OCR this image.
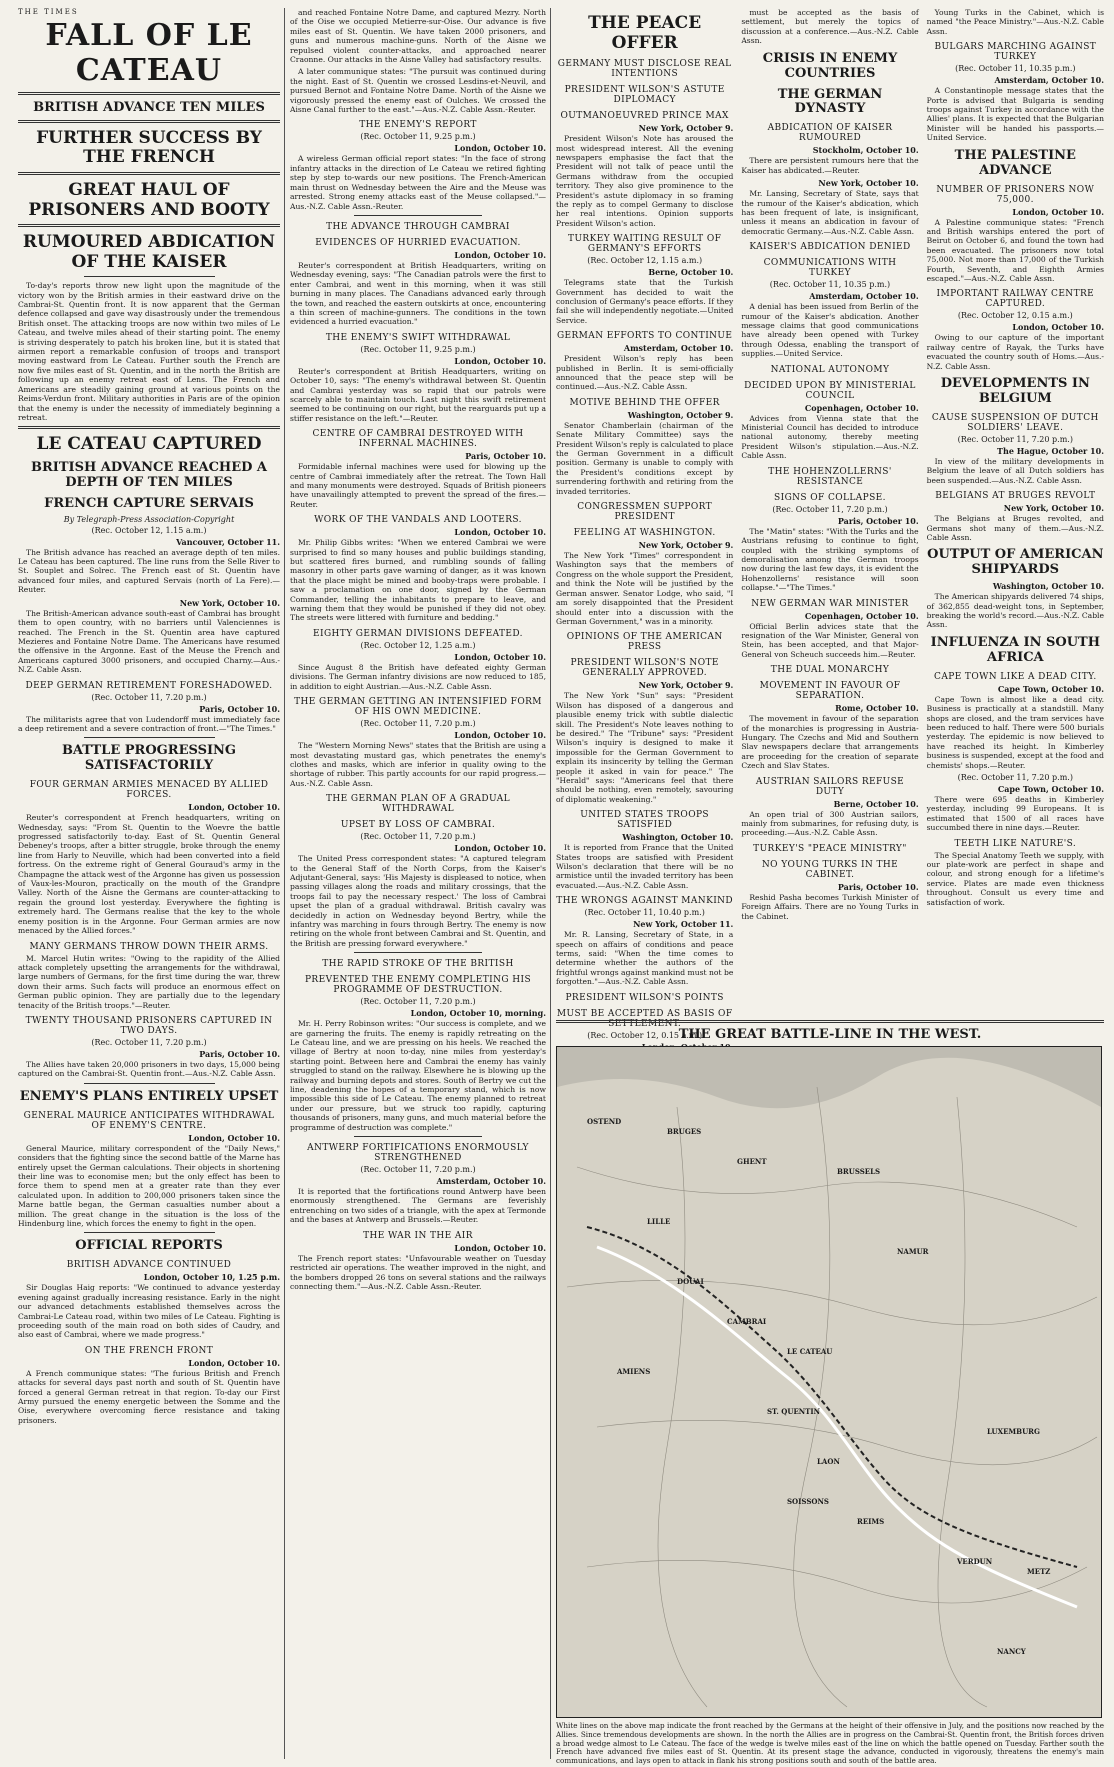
THE TIMES
FALL OF LE CATEAU
BRITISH ADVANCE TEN MILES
FURTHER SUCCESS BY THE FRENCH
GREAT HAUL OF PRISONERS AND BOOTY
RUMOURED ABDICATION OF THE KAISER

To-day's reports throw new light upon the magnitude of the victory won by the British armies in their eastward drive on the Cambrai-St. Quentin front. It is now apparent that the German defence collapsed and gave way disastrously under the tremendous British onset. The attacking troops are now within two miles of Le Cateau, and twelve miles ahead of their starting point. The enemy is striving desperately to patch his broken line, but it is stated that airmen report a remarkable confusion of troops and transport moving eastward from Le Cateau. Further south the French are now five miles east of St. Quentin, and in the north the British are following up an enemy retreat east of Lens. The French and Americans are steadily gaining ground at various points on the Reims-Verdun front. Military authorities in Paris are of the opinion that the enemy is under the necessity of immediately beginning a retreat.

LE CATEAU CAPTURED
BRITISH ADVANCE REACHED A DEPTH OF TEN MILES
FRENCH CAPTURE SERVAIS
By Telegraph-Press Association-Copyright
(Rec. October 12, 1.15 a.m.)
Vancouver, October 11.

The British advance has reached an average depth of ten miles. Le Cateau has been captured. The line runs from the Selle River to St. Souplet and Solrec. The French east of St. Quentin have advanced four miles, and captured Servais (north of La Fere).—Reuter.

New York, October 10.

The British-American advance south-east of Cambrai has brought them to open country, with no barriers until Valenciennes is reached. The French in the St. Quentin area have captured Mezieres and Fontaine Notre Dame. The Americans have resumed the offensive in the Argonne. East of the Meuse the French and Americans captured 3000 prisoners, and occupied Charny.—Aus.-N.Z. Cable Assn.

DEEP GERMAN RETIREMENT FORESHADOWED.
(Rec. October 11, 7.20 p.m.)
Paris, October 10.

The militarists agree that von Ludendorff must immediately face a deep retirement and a severe contraction of front.—"The Times."

BATTLE PROGRESSING SATISFACTORILY
FOUR GERMAN ARMIES MENACED BY ALLIED FORCES.
London, October 10.

Reuter's correspondent at French headquarters, writing on Wednesday, says: "From St. Quentin to the Woevre the battle progressed satisfactorily to-day. East of St. Quentin General Debeney's troops, after a bitter struggle, broke through the enemy line from Harly to Neuville, which had been converted into a field fortress. On the extreme right of General Gouraud's army in the Champagne the attack west of the Argonne has given us possession of Vaux-les-Mouron, practically on the mouth of the Grandpre Valley. North of the Aisne the Germans are counter-attacking to regain the ground lost yesterday. Everywhere the fighting is extremely hard. The Germans realise that the key to the whole enemy position is in the Argonne. Four German armies are now menaced by the Allied forces."

MANY GERMANS THROW DOWN THEIR ARMS.

M. Marcel Hutin writes: "Owing to the rapidity of the Allied attack completely upsetting the arrangements for the withdrawal, large numbers of Germans, for the first time during the war, threw down their arms. Such facts will produce an enormous effect on German public opinion. They are partially due to the legendary tenacity of the British troops."—Reuter.

TWENTY THOUSAND PRISONERS CAPTURED IN TWO DAYS.
(Rec. October 11, 7.20 p.m.)
Paris, October 10.

The Allies have taken 20,000 prisoners in two days, 15,000 being captured on the Cambrai-St. Quentin front.—Aus.-N.Z. Cable Assn.

ENEMY'S PLANS ENTIRELY UPSET
GENERAL MAURICE ANTICIPATES WITHDRAWAL OF ENEMY'S CENTRE.
London, October 10.

General Maurice, military correspondent of the "Daily News," considers that the fighting since the second battle of the Marne has entirely upset the German calculations. Their objects in shortening their line was to economise men; but the only effect has been to force them to spend men at a greater rate than they ever calculated upon. In addition to 200,000 prisoners taken since the Marne battle began, the German casualties number about a million. The great change in the situation is the loss of the Hindenburg line, which forces the enemy to fight in the open.

OFFICIAL REPORTS
BRITISH ADVANCE CONTINUED
London, October 10, 1.25 p.m.

Sir Douglas Haig reports: "We continued to advance yesterday evening against gradually increasing resistance. Early in the night our advanced detachments established themselves across the Cambrai-Le Cateau road, within two miles of Le Cateau. Fighting is proceeding south of the main road on both sides of Caudry, and also east of Cambrai, where we made progress."

ON THE FRENCH FRONT
London, October 10.

A French communique states: "The furious British and French attacks for several days past north and south of St. Quentin have forced a general German retreat in that region. To-day our First Army pursued the enemy energetic between the Somme and the Oise, everywhere overcoming fierce resistance and taking prisoners.

and reached Fontaine Notre Dame, and captured Mezry. North of the Oise we occupied Metierre-sur-Oise. Our advance is five miles east of St. Quentin. We have taken 2000 prisoners, and guns and numerous machine-guns. North of the Aisne we repulsed violent counter-attacks, and approached nearer Craonne. Our attacks in the Aisne Valley had satisfactory results.

A later communique states: "The pursuit was continued during the night. East of St. Quentin we crossed Lesdins-et-Neuvil, and pursued Bernot and Fontaine Notre Dame. North of the Aisne we vigorously pressed the enemy east of Oulches. We crossed the Aisne Canal further to the east."—Aus.-N.Z. Cable Assn.-Reuter.

THE ENEMY'S REPORT
(Rec. October 11, 9.25 p.m.)
London, October 10.

A wireless German official report states: "In the face of strong infantry attacks in the direction of Le Cateau we retired fighting step by step to-wards our new positions. The French-American main thrust on Wednesday between the Aire and the Meuse was arrested. Strong enemy attacks east of the Meuse collapsed."—Aus.-N.Z. Cable Assn.-Reuter.

THE ADVANCE THROUGH CAMBRAI
EVIDENCES OF HURRIED EVACUATION.
London, October 10.

Reuter's correspondent at British Headquarters, writing on Wednesday evening, says: "The Canadian patrols were the first to enter Cambrai, and went in this morning, when it was still burning in many places. The Canadians advanced early through the town, and reached the eastern outskirts at once, encountering a thin screen of machine-gunners. The conditions in the town evidenced a hurried evacuation."

THE ENEMY'S SWIFT WITHDRAWAL
(Rec. October 11, 9.25 p.m.)
London, October 10.

Reuter's correspondent at British Headquarters, writing on October 10, says: "The enemy's withdrawal between St. Quentin and Cambrai yesterday was so rapid that our patrols were scarcely able to maintain touch. Last night this swift retirement seemed to be continuing on our right, but the rearguards put up a stiffer resistance on the left."—Reuter.

CENTRE OF CAMBRAI DESTROYED WITH INFERNAL MACHINES.
Paris, October 10.

Formidable infernal machines were used for blowing up the centre of Cambrai immediately after the retreat. The Town Hall and many monuments were destroyed. Squads of British pioneers have unavailingly attempted to prevent the spread of the fires.—Reuter.

WORK OF THE VANDALS AND LOOTERS.
London, October 10.

Mr. Philip Gibbs writes: "When we entered Cambrai we were surprised to find so many houses and public buildings standing, but scattered fires burned, and rumbling sounds of falling masonry in other parts gave warning of danger, as it was known that the place might be mined and booby-traps were probable. I saw a proclamation on one door, signed by the German Commander, telling the inhabitants to prepare to leave, and warning them that they would be punished if they did not obey. The streets were littered with furniture and bedding."

EIGHTY GERMAN DIVISIONS DEFEATED.
(Rec. October 12, 1.25 a.m.)
London, October 10.

Since August 8 the British have defeated eighty German divisions. The German infantry divisions are now reduced to 185, in addition to eight Austrian.—Aus.-N.Z. Cable Assn.

THE GERMAN GETTING AN INTENSIFIED FORM OF HIS OWN MEDICINE.
(Rec. October 11, 7.20 p.m.)
London, October 10.

The "Western Morning News" states that the British are using a most devastating mustard gas, which penetrates the enemy's clothes and masks, which are inferior in quality owing to the shortage of rubber. This partly accounts for our rapid progress.—Aus.-N.Z. Cable Assn.

THE GERMAN PLAN OF A GRADUAL WITHDRAWAL
UPSET BY LOSS OF CAMBRAI.
(Rec. October 11, 7.20 p.m.)
London, October 10.

The United Press correspondent states: "A captured telegram to the General Staff of the North Corps, from the Kaiser's Adjutant-General, says: 'His Majesty is displeased to notice, when passing villages along the roads and military crossings, that the troops fail to pay the necessary respect.' The loss of Cambrai upset the plan of a gradual withdrawal. British cavalry was decidedly in action on Wednesday beyond Bertry, while the infantry was marching in fours through Bertry. The enemy is now retiring on the whole front between Cambrai and St. Quentin, and the British are pressing forward everywhere."

THE RAPID STROKE OF THE BRITISH
PREVENTED THE ENEMY COMPLETING HIS PROGRAMME OF DESTRUCTION.
(Rec. October 11, 7.20 p.m.)
London, October 10, morning.

Mr. H. Perry Robinson writes: "Our success is complete, and we are garnering the fruits. The enemy is rapidly retreating on the Le Cateau line, and we are pressing on his heels. We reached the village of Bertry at noon to-day, nine miles from yesterday's starting point. Between here and Cambrai the enemy has vainly struggled to stand on the railway. Elsewhere he is blowing up the railway and burning depots and stores. South of Bertry we cut the line, deadening the hopes of a temporary stand, which is now impossible this side of Le Cateau. The enemy planned to retreat under our pressure, but we struck too rapidly, capturing thousands of prisoners, many guns, and much material before the programme of destruction was complete."

ANTWERP FORTIFICATIONS ENORMOUSLY STRENGTHENED
(Rec. October 11, 7.20 p.m.)
Amsterdam, October 10.

It is reported that the fortifications round Antwerp have been enormously strengthened. The Germans are feverishly entrenching on two sides of a triangle, with the apex at Termonde and the bases at Antwerp and Brussels.—Reuter.

THE WAR IN THE AIR
London, October 10.

The French report states: "Unfavourable weather on Tuesday restricted air operations. The weather improved in the night, and the bombers dropped 26 tons on several stations and the railways connecting them."—Aus.-N.Z. Cable Assn.-Reuter.

THE PEACE OFFER
GERMANY MUST DISCLOSE REAL INTENTIONS
PRESIDENT WILSON'S ASTUTE DIPLOMACY
OUTMANOEUVRED PRINCE MAX
New York, October 9.

President Wilson's Note has aroused the most widespread interest. All the evening newspapers emphasise the fact that the President will not talk of peace until the Germans withdraw from the occupied territory. They also give prominence to the President's astute diplomacy in so framing the reply as to compel Germany to disclose her real intentions. Opinion supports President Wilson's action.

TURKEY WAITING RESULT OF GERMANY'S EFFORTS
(Rec. October 12, 1.15 a.m.)
Berne, October 10.

Telegrams state that the Turkish Government has decided to wait the conclusion of Germany's peace efforts. If they fail she will independently negotiate.—United Service.

GERMAN EFFORTS TO CONTINUE
Amsterdam, October 10.

President Wilson's reply has been published in Berlin. It is semi-officially announced that the peace step will be continued.—Aus.-N.Z. Cable Assn.

MOTIVE BEHIND THE OFFER
Washington, October 9.

Senator Chamberlain (chairman of the Senate Military Committee) says the President Wilson's reply is calculated to place the German Government in a difficult position. Germany is unable to comply with the President's conditions except by surrendering forthwith and retiring from the invaded territories.

CONGRESSMEN SUPPORT PRESIDENT
FEELING AT WASHINGTON.
New York, October 9.

The New York "Times" correspondent in Washington says that the members of Congress on the whole support the President, and think the Note will be justified by the German answer. Senator Lodge, who said, "I am sorely disappointed that the President should enter into a discussion with the German Government," was in a minority.

OPINIONS OF THE AMERICAN PRESS
PRESIDENT WILSON'S NOTE GENERALLY APPROVED.
New York, October 9.

The New York "Sun" says: "President Wilson has disposed of a dangerous and plausible enemy trick with subtle dialectic skill. The President's Note leaves nothing to be desired." The "Tribune" says: "President Wilson's inquiry is designed to make it impossible for the German Government to explain its insincerity by telling the German people it asked in vain for peace." The "Herald" says: "Americans feel that there should be nothing, even remotely, savouring of diplomatic weakening."

UNITED STATES TROOPS SATISFIED
Washington, October 10.

It is reported from France that the United States troops are satisfied with President Wilson's declaration that there will be no armistice until the invaded territory has been evacuated.—Aus.-N.Z. Cable Assn.

THE WRONGS AGAINST MANKIND
(Rec. October 11, 10.40 p.m.)
New York, October 11.

Mr. R. Lansing, Secretary of State, in a speech on affairs of conditions and peace terms, said: "When the time comes to determine whether the authors of the frightful wrongs against mankind must not be forgotten."—Aus.-N.Z. Cable Assn.

PRESIDENT WILSON'S POINTS
MUST BE ACCEPTED AS BASIS OF SETTLEMENT.
(Rec. October 12, 0.15 a.m.)

must be accepted as the basis of settlement, but merely the topics of discussion at a conference.—Aus.-N.Z. Cable Assn.

CRISIS IN ENEMY COUNTRIES
THE GERMAN DYNASTY
ABDICATION OF KAISER RUMOURED
Stockholm, October 10.

There are persistent rumours here that the Kaiser has abdicated.—Reuter.

New York, October 10.

Mr. Lansing, Secretary of State, says that the rumour of the Kaiser's abdication, which has been frequent of late, is insignificant, unless it means an abdication in favour of democratic Germany.—Aus.-N.Z. Cable Assn.

KAISER'S ABDICATION DENIED
COMMUNICATIONS WITH TURKEY
(Rec. October 11, 10.35 p.m.)
Amsterdam, October 10.

A denial has been issued from Berlin of the rumour of the Kaiser's abdication. Another message claims that good communications have already been opened with Turkey through Odessa, enabling the transport of supplies.—United Service.

NATIONAL AUTONOMY
DECIDED UPON BY MINISTERIAL COUNCIL
Copenhagen, October 10.

Advices from Vienna state that the Ministerial Council has decided to introduce national autonomy, thereby meeting President Wilson's stipulation.—Aus.-N.Z. Cable Assn.

THE HOHENZOLLERNS' RESISTANCE
SIGNS OF COLLAPSE.
(Rec. October 11, 7.20 p.m.)
Paris, October 10.

The "Matin" states: "With the Turks and the Austrians refusing to continue to fight, coupled with the striking symptoms of demoralisation among the German troops now during the last few days, it is evident the Hohenzollerns' resistance will soon collapse."—"The Times."

NEW GERMAN WAR MINISTER
Copenhagen, October 10.

Official Berlin advices state that the resignation of the War Minister, General von Stein, has been accepted, and that Major-General von Scheuch succeeds him.—Reuter.

THE DUAL MONARCHY
MOVEMENT IN FAVOUR OF SEPARATION.
Rome, October 10.

The movement in favour of the separation of the monarchies is progressing in Austria-Hungary. The Czechs and Mid and Southern Slav newspapers declare that arrangements are proceeding for the creation of separate Czech and Slav States.

AUSTRIAN SAILORS REFUSE DUTY
Berne, October 10.

An open trial of 300 Austrian sailors, mainly from submarines, for refusing duty, is proceeding.—Aus.-N.Z. Cable Assn.

TURKEY'S "PEACE MINISTRY"
NO YOUNG TURKS IN THE CABINET.
Paris, October 10.

Reshid Pasha becomes Turkish Minister of Foreign Affairs. There are no Young Turks in the Cabinet.

Young Turks in the Cabinet, which is named "the Peace Ministry."—Aus.-N.Z. Cable Assn.

BULGARS MARCHING AGAINST TURKEY
(Rec. October 11, 10.35 p.m.)
Amsterdam, October 10.

A Constantinople message states that the Porte is advised that Bulgaria is sending troops against Turkey in accordance with the Allies' plans. It is expected that the Bulgarian Minister will be handed his passports.—United Service.

THE PALESTINE ADVANCE
NUMBER OF PRISONERS NOW 75,000.
London, October 10.

A Palestine communique states: "French and British warships entered the port of Beirut on October 6, and found the town had been evacuated. The prisoners now total 75,000. Not more than 17,000 of the Turkish Fourth, Seventh, and Eighth Armies escaped."—Aus.-N.Z. Cable Assn.

IMPORTANT RAILWAY CENTRE CAPTURED.
(Rec. October 12, 0.15 a.m.)
London, October 10.

Owing to our capture of the important railway centre of Rayak, the Turks have evacuated the country south of Homs.—Aus.-N.Z. Cable Assn.

DEVELOPMENTS IN BELGIUM
CAUSE SUSPENSION OF DUTCH SOLDIERS' LEAVE.
(Rec. October 11, 7.20 p.m.)
The Hague, October 10.

In view of the military developments in Belgium the leave of all Dutch soldiers has been suspended.—Aus.-N.Z. Cable Assn.

BELGIANS AT BRUGES REVOLT
New York, October 10.

The Belgians at Bruges revolted, and Germans shot many of them.—Aus.-N.Z. Cable Assn.

OUTPUT OF AMERICAN SHIPYARDS
Washington, October 10.

The American shipyards delivered 74 ships, of 362,855 dead-weight tons, in September, breaking the world's record.—Aus.-N.Z. Cable Assn.

INFLUENZA IN SOUTH AFRICA
CAPE TOWN LIKE A DEAD CITY.
Cape Town, October 10.

Cape Town is almost like a dead city. Business is practically at a standstill. Many shops are closed, and the tram services have been reduced to half. There were 500 burials yesterday. The epidemic is now believed to have reached its height. In Kimberley business is suspended, except at the food and chemists' shops.—Reuter.

(Rec. October 11, 7.20 p.m.)
Cape Town, October 10.

There were 695 deaths in Kimberley yesterday, including 99 Europeans. It is estimated that 1500 of all races have succumbed there in nine days.—Reuter.

TEETH LIKE NATURE'S.

The Special Anatomy Teeth we supply, with our plate-work are perfect in shape and colour, and strong enough for a lifetime's service. Plates are made even thickness throughout. Consult us every time and satisfaction of work.

THE GREAT BATTLE-LINE IN THE WEST.
OSTEND
BRUGES
GHENT
LILLE
DOUAI
CAMBRAI
LE CATEAU
ST. QUENTIN
LAON
REIMS
VERDUN
METZ
AMIENS
SOISSONS
BRUSSELS
NAMUR
LUXEMBURG
NANCY
White lines on the above map indicate the front reached by the Germans at the height of their offensive in July, and the positions now reached by the Allies. Since tremendous developments are shown. In the north the Allies are in progress on the Cambrai-St. Quentin front, the British forces driven a broad wedge almost to Le Cateau. The face of the wedge is twelve miles east of the line on which the battle opened on Tuesday. Farther south the French have advanced five miles east of St. Quentin. At its present stage the advance, conducted in vigorously, threatens the enemy's main communications, and lays open to attack in flank his strong positions south and south of the battle area.
